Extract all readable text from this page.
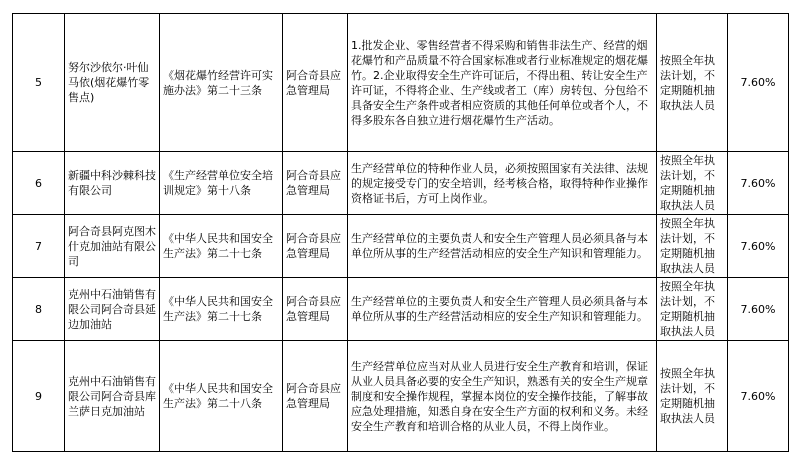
5	努尔沙依尔·叶仙马依(烟花爆竹零售点)	《烟花爆竹经营许可实施办法》第二十三条	阿合奇县应急管理局	1.批发企业、零售经营者不得采购和销售非法生产、经营的烟花爆竹和产品质量不符合国家标准或者行业标准规定的烟花爆竹。2.企业取得安全生产许可证后，不得出租、转让安全生产许可证，不得将企业、生产线或者工（库）房转包、分包给不具备安全生产条件或者相应资质的其他任何单位或者个人，不得多股东各自独立进行烟花爆竹生产活动。	按照全年执法计划，不定期随机抽取执法人员	7.60%
6	新疆中科沙棘科技有限公司	《生产经营单位安全培训规定》第十八条	阿合奇县应急管理局	生产经营单位的特种作业人员，必须按照国家有关法律、法规的规定接受专门的安全培训，经考核合格，取得特种作业操作资格证书后，方可上岗作业。	按照全年执法计划，不定期随机抽取执法人员	7.60%
7	阿合奇县阿克图木什克加油站有限公司	《中华人民共和国安全生产法》第二十七条	阿合奇县应急管理局	生产经营单位的主要负责人和安全生产管理人员必须具备与本单位所从事的生产经营活动相应的安全生产知识和管理能力。	按照全年执法计划，不定期随机抽取执法人员	7.60%
8	克州中石油销售有限公司阿合奇县延边加油站	《中华人民共和国安全生产法》第二十七条	阿合奇县应急管理局	生产经营单位的主要负责人和安全生产管理人员必须具备与本单位所从事的生产经营活动相应的安全生产知识和管理能力。	按照全年执法计划，不定期随机抽取执法人员	7.60%
9	克州中石油销售有限公司阿合奇县库兰萨日克加油站	《中华人民共和国安全生产法》第二十八条	阿合奇县应急管理局	生产经营单位应当对从业人员进行安全生产教育和培训，保证从业人员具备必要的安全生产知识，熟悉有关的安全生产规章制度和安全操作规程，掌握本岗位的安全操作技能，了解事故应急处理措施，知悉自身在安全生产方面的权利和义务。未经安全生产教育和培训合格的从业人员，不得上岗作业。	按照全年执法计划，不定期随机抽取执法人员	7.60%
